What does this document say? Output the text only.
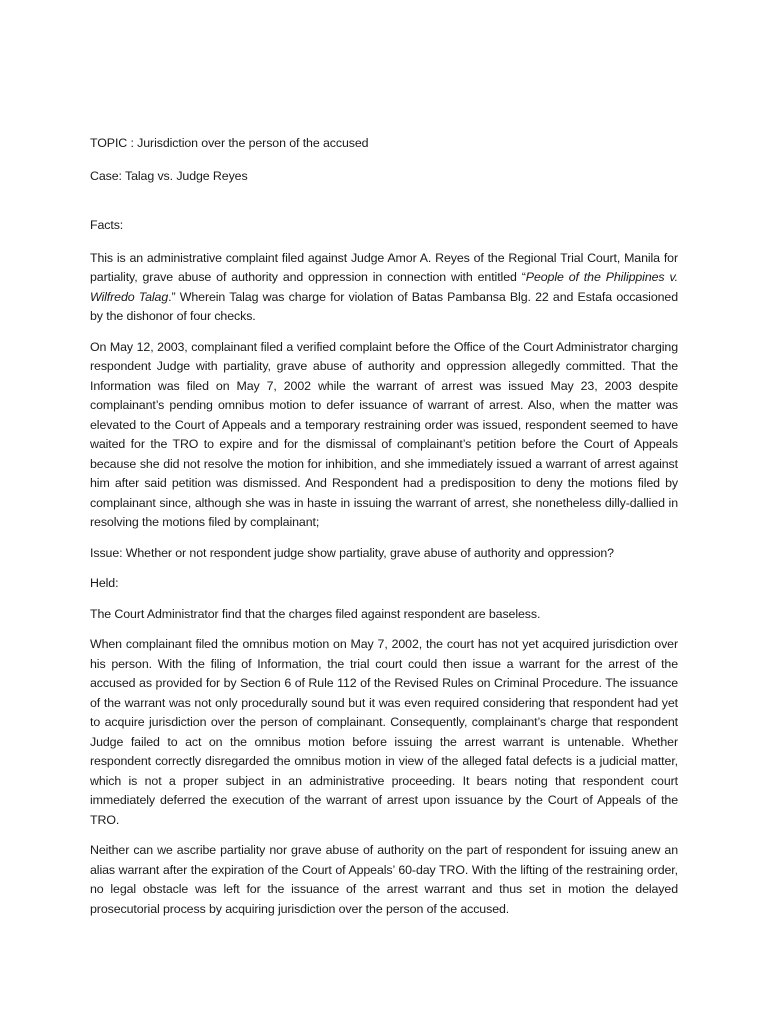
TOPIC : Jurisdiction over the person of the accused

Case: Talag vs. Judge Reyes

Facts:

This is an administrative complaint filed against Judge Amor A. Reyes of the Regional Trial Court, Manila for partiality, grave abuse of authority and oppression in connection with entitled “People of the Philippines v. Wilfredo Talag.” Wherein Talag was charge for violation of Batas Pambansa Blg. 22 and Estafa occasioned by the dishonor of four checks.

On May 12, 2003, complainant filed a verified complaint before the Office of the Court Administrator charging respondent Judge with partiality, grave abuse of authority and oppression allegedly committed. That the Information was filed on May 7, 2002 while the warrant of arrest was issued May 23, 2003 despite complainant’s pending omnibus motion to defer issuance of warrant of arrest. Also, when the matter was elevated to the Court of Appeals and a temporary restraining order was issued, respondent seemed to have waited for the TRO to expire and for the dismissal of complainant’s petition before the Court of Appeals because she did not resolve the motion for inhibition, and she immediately issued a warrant of arrest against him after said petition was dismissed. And Respondent had a predisposition to deny the motions filed by complainant since, although she was in haste in issuing the warrant of arrest, she nonetheless dilly-dallied in resolving the motions filed by complainant;

Issue: Whether or not respondent judge show partiality, grave abuse of authority and oppression?

Held:

The Court Administrator find that the charges filed against respondent are baseless.

When complainant filed the omnibus motion on May 7, 2002, the court has not yet acquired jurisdiction over his person. With the filing of Information, the trial court could then issue a warrant for the arrest of the accused as provided for by Section 6 of Rule 112 of the Revised Rules on Criminal Procedure. The issuance of the warrant was not only procedurally sound but it was even required considering that respondent had yet to acquire jurisdiction over the person of complainant. Consequently, complainant’s charge that respondent Judge failed to act on the omnibus motion before issuing the arrest warrant is untenable. Whether respondent correctly disregarded the omnibus motion in view of the alleged fatal defects is a judicial matter, which is not a proper subject in an administrative proceeding. It bears noting that respondent court immediately deferred the execution of the warrant of arrest upon issuance by the Court of Appeals of the TRO.

Neither can we ascribe partiality nor grave abuse of authority on the part of respondent for issuing anew an alias warrant after the expiration of the Court of Appeals’ 60-day TRO. With the lifting of the restraining order, no legal obstacle was left for the issuance of the arrest warrant and thus set in motion the delayed prosecutorial process by acquiring jurisdiction over the person of the accused.
